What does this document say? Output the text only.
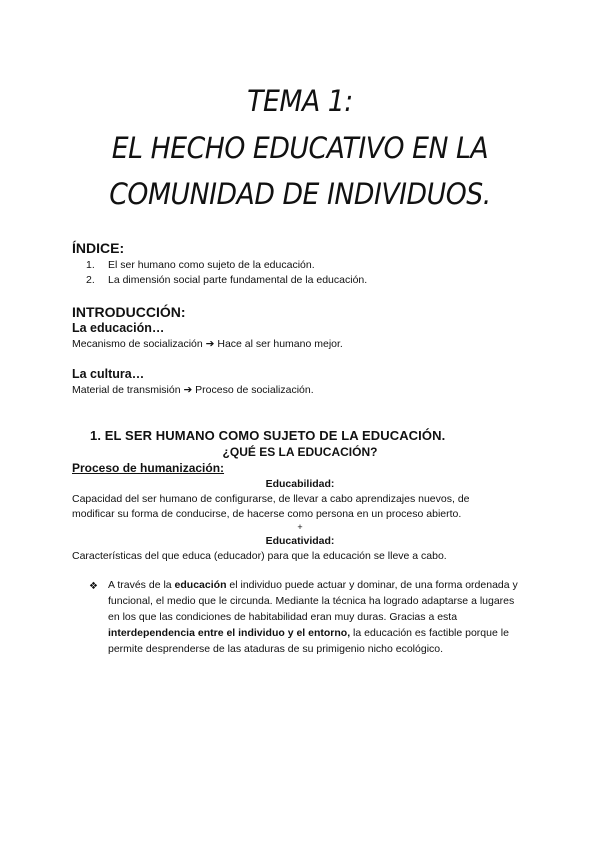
TEMA 1:
EL HECHO EDUCATIVO EN LA
COMUNIDAD DE INDIVIDUOS.
ÍNDICE:
1. El ser humano como sujeto de la educación.
2. La dimensión social parte fundamental de la educación.
INTRODUCCIÓN:
La educación…
Mecanismo de socialización ➔ Hace al ser humano mejor.
La cultura…
Material de transmisión ➔ Proceso de socialización.
1. EL SER HUMANO COMO SUJETO DE LA EDUCACIÓN.
¿QUÉ ES LA EDUCACIÓN?
Proceso de humanización:
Educabilidad:
Capacidad del ser humano de configurarse, de llevar a cabo aprendizajes nuevos, de
modificar su forma de conducirse, de hacerse como persona en un proceso abierto.
+
Educatividad:
Características del que educa (educador) para que la educación se lleve a cabo.
❖ A través de la educación el individuo puede actuar y dominar, de una forma ordenada y funcional, el medio que le circunda. Mediante la técnica ha logrado adaptarse a lugares en los que las condiciones de habitabilidad eran muy duras. Gracias a esta interdependencia entre el individuo y el entorno, la educación es factible porque le permite desprenderse de las ataduras de su primigenio nicho ecológico.
